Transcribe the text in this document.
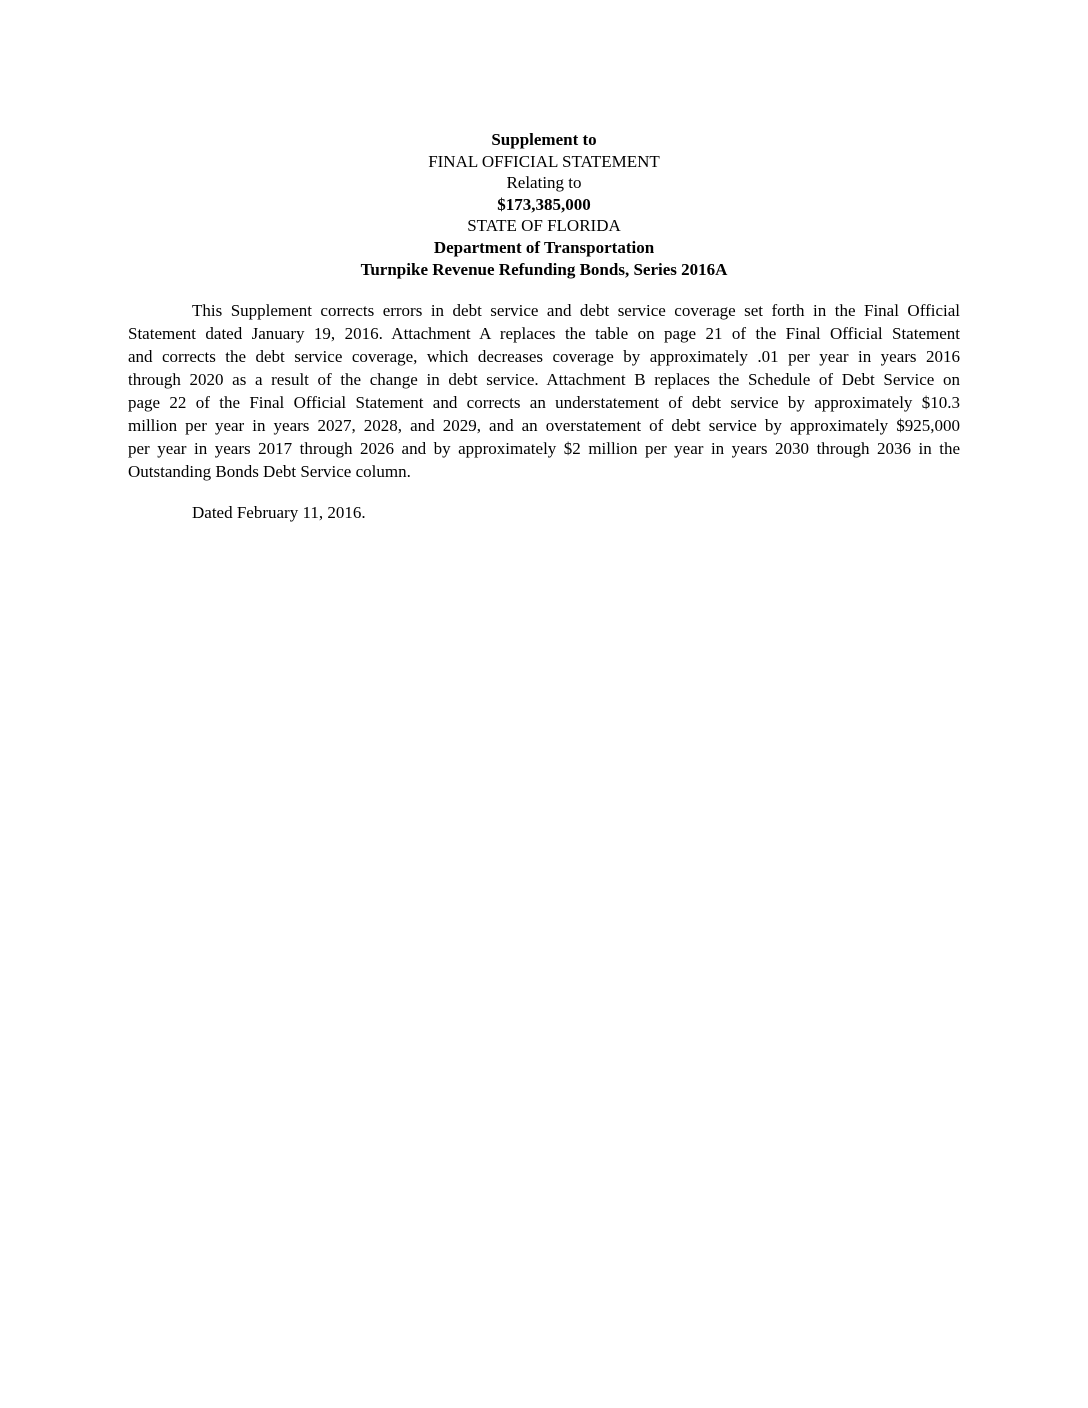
Supplement to
FINAL OFFICIAL STATEMENT
Relating to
$173,385,000
STATE OF FLORIDA
Department of Transportation
Turnpike Revenue Refunding Bonds, Series 2016A
This Supplement corrects errors in debt service and debt service coverage set forth in the Final Official
Statement dated January 19, 2016. Attachment A replaces the table on page 21 of the Final Official Statement
and corrects the debt service coverage, which decreases coverage by approximately .01 per year in years 2016
through 2020 as a result of the change in debt service. Attachment B replaces the Schedule of Debt Service on
page 22 of the Final Official Statement and corrects an understatement of debt service by approximately $10.3
million per year in years 2027, 2028, and 2029, and an overstatement of debt service by approximately $925,000
per year in years 2017 through 2026 and by approximately $2 million per year in years 2030 through 2036 in the
Outstanding Bonds Debt Service column.
Dated February 11, 2016.
